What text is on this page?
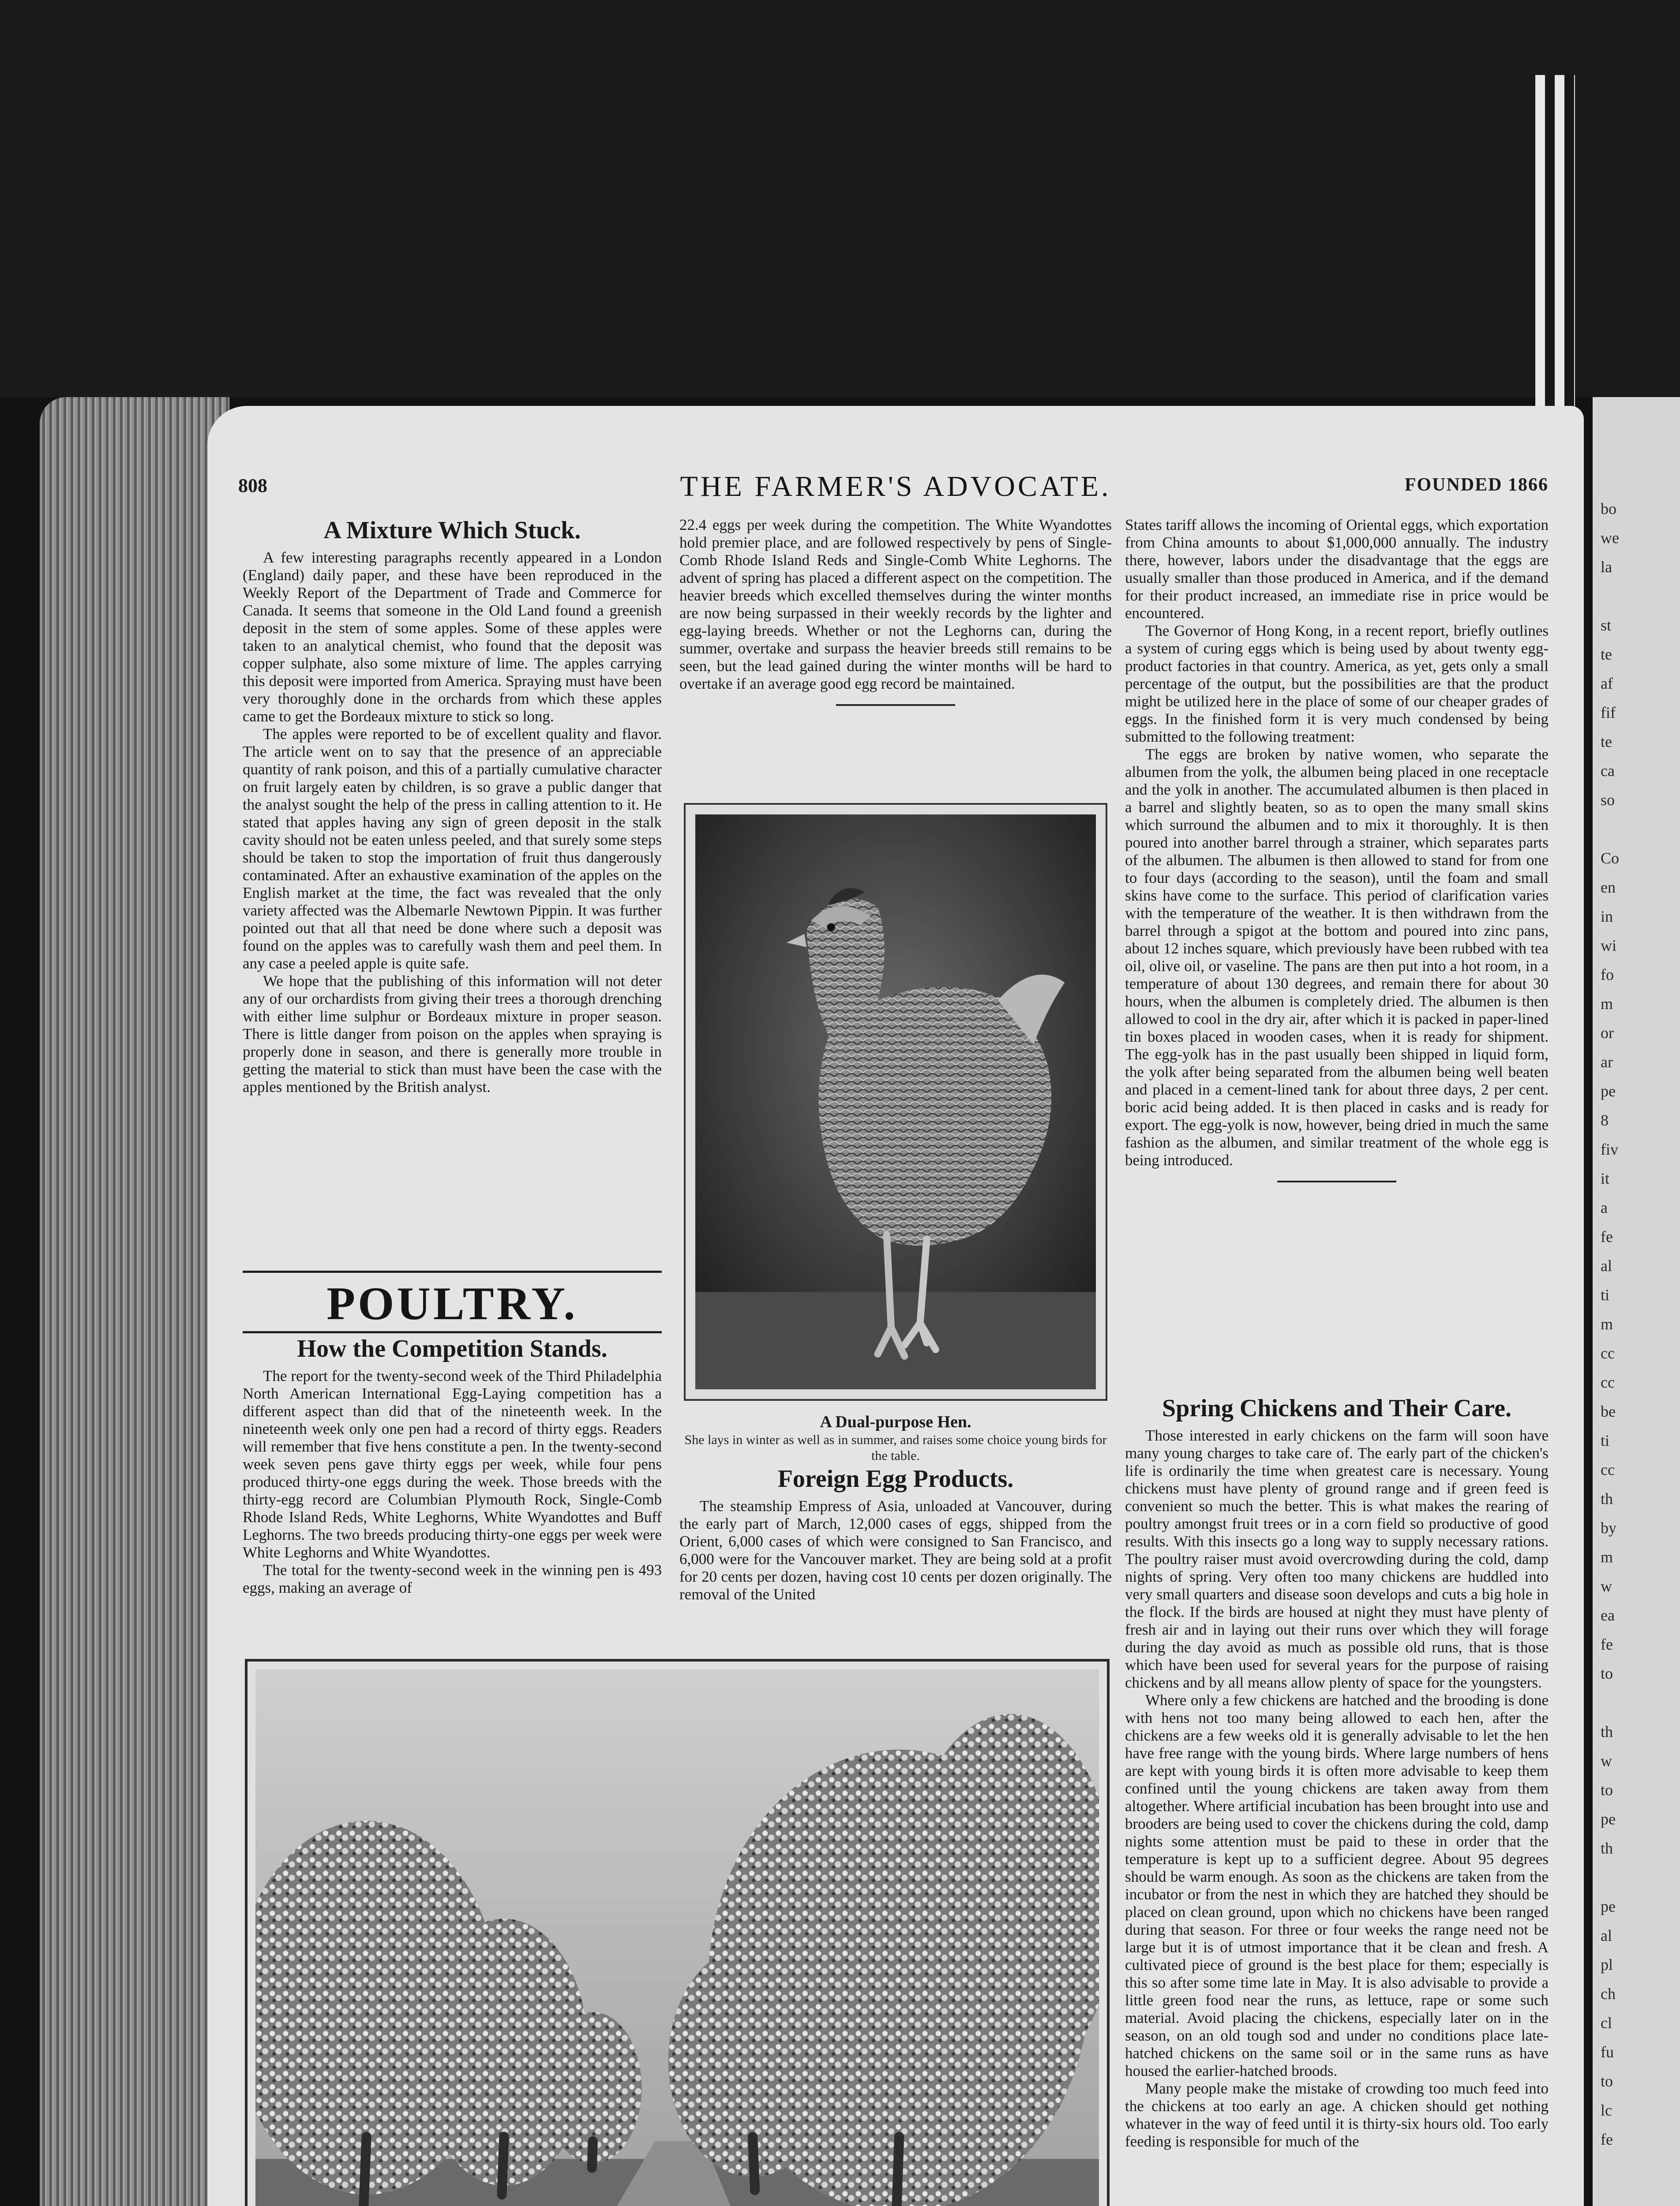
bo
we
la

st
te
af
fif
te
ca
so

Co
en
in
wi
fo
m
or
ar
pe
8
fiv
it
a
fe
al
ti
m
cc
cc
be
ti
cc
th
by
m
w
ea
fe
to

th
w
to
pe
th

pe
al
pl
ch
cl
fu
to
lc
fe
808	THE FARMER'S ADVOCATE.	FOUNDED 1866
A Mixture Which Stuck.

A few interesting paragraphs recently appeared in a London (England) daily paper, and these have been reproduced in the Weekly Report of the Department of Trade and Commerce for Canada. It seems that someone in the Old Land found a greenish deposit in the stem of some apples. Some of these apples were taken to an analytical chemist, who found that the deposit was copper sulphate, also some mixture of lime. The apples carrying this deposit were imported from America. Spraying must have been very thoroughly done in the orchards from which these apples came to get the Bordeaux mixture to stick so long.

The apples were reported to be of excellent quality and flavor. The article went on to say that the presence of an appreciable quantity of rank poison, and this of a partially cumulative character on fruit largely eaten by children, is so grave a public danger that the analyst sought the help of the press in calling attention to it. He stated that apples having any sign of green deposit in the stalk cavity should not be eaten unless peeled, and that surely some steps should be taken to stop the importation of fruit thus dangerously contaminated. After an exhaustive examination of the apples on the English market at the time, the fact was revealed that the only variety affected was the Albemarle Newtown Pippin. It was further pointed out that all that need be done where such a deposit was found on the apples was to carefully wash them and peel them. In any case a peeled apple is quite safe.

We hope that the publishing of this information will not deter any of our orchardists from giving their trees a thorough drenching with either lime sulphur or Bordeaux mixture in proper season. There is little danger from poison on the apples when spraying is properly done in season, and there is generally more trouble in getting the material to stick than must have been the case with the apples mentioned by the British analyst.

POULTRY.
How the Competition Stands.

The report for the twenty-second week of the Third Philadelphia North American International Egg-Laying competition has a different aspect than did that of the nineteenth week. In the nineteenth week only one pen had a record of thirty eggs. Readers will remember that five hens constitute a pen. In the twenty-second week seven pens gave thirty eggs per week, while four pens produced thirty-one eggs during the week. Those breeds with the thirty-egg record are Columbian Plymouth Rock, Single-Comb Rhode Island Reds, White Leghorns, White Wyandottes and Buff Leghorns. The two breeds producing thirty-one eggs per week were White Leghorns and White Wyandottes.

The total for the twenty-second week in the winning pen is 493 eggs, making an average of

22.4 eggs per week during the competition. The White Wyandottes hold premier place, and are followed respectively by pens of Single-Comb Rhode Island Reds and Single-Comb White Leghorns. The advent of spring has placed a different aspect on the competition. The heavier breeds which excelled themselves during the winter months are now being surpassed in their weekly records by the lighter and egg-laying breeds. Whether or not the Leghorns can, during the summer, overtake and surpass the heavier breeds still remains to be seen, but the lead gained during the winter months will be hard to overtake if an average good egg record be maintained.

A Dual-purpose Hen.

She lays in winter as well as in summer, and raises some choice young birds for the table.

Foreign Egg Products.

The steamship Empress of Asia, unloaded at Vancouver, during the early part of March, 12,000 cases of eggs, shipped from the Orient, 6,000 cases of which were consigned to San Francisco, and 6,000 were for the Vancouver market. They are being sold at a profit for 20 cents per dozen, having cost 10 cents per dozen originally. The removal of the United

States tariff allows the incoming of Oriental eggs, which exportation from China amounts to about $1,000,000 annually. The industry there, however, labors under the disadvantage that the eggs are usually smaller than those produced in America, and if the demand for their product increased, an immediate rise in price would be encountered.

The Governor of Hong Kong, in a recent report, briefly outlines a system of curing eggs which is being used by about twenty egg-product factories in that country. America, as yet, gets only a small percentage of the output, but the possibilities are that the product might be utilized here in the place of some of our cheaper grades of eggs. In the finished form it is very much condensed by being submitted to the following treatment:

The eggs are broken by native women, who separate the albumen from the yolk, the albumen being placed in one receptacle and the yolk in another. The accumulated albumen is then placed in a barrel and slightly beaten, so as to open the many small skins which surround the albumen and to mix it thoroughly. It is then poured into another barrel through a strainer, which separates parts of the albumen. The albumen is then allowed to stand for from one to four days (according to the season), until the foam and small skins have come to the surface. This period of clarification varies with the temperature of the weather. It is then withdrawn from the barrel through a spigot at the bottom and poured into zinc pans, about 12 inches square, which previously have been rubbed with tea oil, olive oil, or vaseline. The pans are then put into a hot room, in a temperature of about 130 degrees, and remain there for about 30 hours, when the albumen is completely dried. The albumen is then allowed to cool in the dry air, after which it is packed in paper-lined tin boxes placed in wooden cases, when it is ready for shipment. The egg-yolk has in the past usually been shipped in liquid form, the yolk after being separated from the albumen being well beaten and placed in a cement-lined tank for about three days, 2 per cent. boric acid being added. It is then placed in casks and is ready for export. The egg-yolk is now, however, being dried in much the same fashion as the albumen, and similar treatment of the whole egg is being introduced.

Spring Chickens and Their Care.

Those interested in early chickens on the farm will soon have many young charges to take care of. The early part of the chicken's life is ordinarily the time when greatest care is necessary. Young chickens must have plenty of ground range and if green feed is convenient so much the better. This is what makes the rearing of poultry amongst fruit trees or in a corn field so productive of good results. With this insects go a long way to supply necessary rations. The poultry raiser must avoid overcrowding during the cold, damp nights of spring. Very often too many chickens are huddled into very small quarters and disease soon develops and cuts a big hole in the flock. If the birds are housed at night they must have plenty of fresh air and in laying out their runs over which they will forage during the day avoid as much as possible old runs, that is those which have been used for several years for the purpose of raising chickens and by all means allow plenty of space for the youngsters.

Where only a few chickens are hatched and the brooding is done with hens not too many being allowed to each hen, after the chickens are a few weeks old it is generally advisable to let the hen have free range with the young birds. Where large numbers of hens are kept with young birds it is often more advisable to keep them confined until the young chickens are taken away from them altogether. Where artificial incubation has been brought into use and brooders are being used to cover the chickens during the cold, damp nights some attention must be paid to these in order that the temperature is kept up to a sufficient degree. About 95 degrees should be warm enough. As soon as the chickens are taken from the incubator or from the nest in which they are hatched they should be placed on clean ground, upon which no chickens have been ranged during that season. For three or four weeks the range need not be large but it is of utmost importance that it be clean and fresh. A cultivated piece of ground is the best place for them; especially is this so after some time late in May. It is also advisable to provide a little green food near the runs, as lettuce, rape or some such material. Avoid placing the chickens, especially later on in the season, on an old tough sod and under no conditions place late-hatched chickens on the same soil or in the same runs as have housed the earlier-hatched broods.

Many people make the mistake of crowding too much feed into the chickens at too early an age. A chicken should get nothing whatever in the way of feed until it is thirty-six hours old. Too early feeding is responsible for much of the
